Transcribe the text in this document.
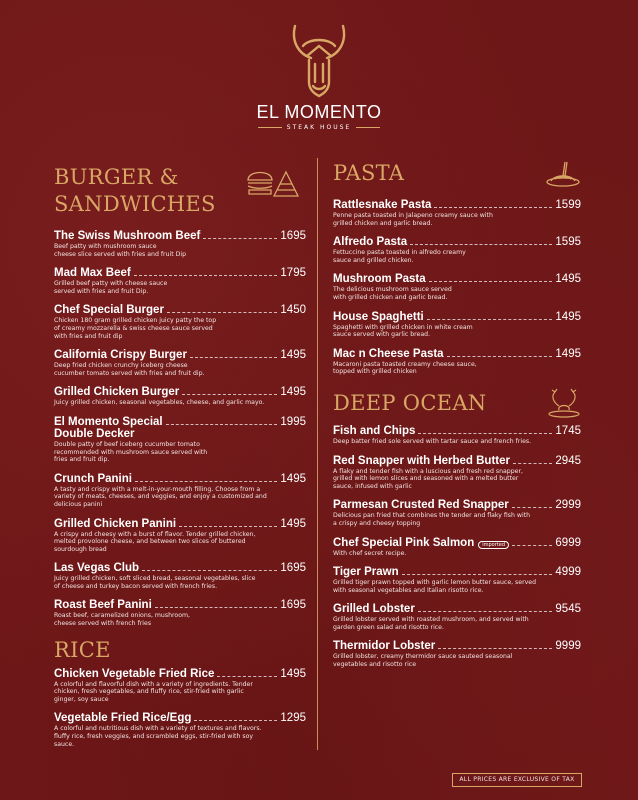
EL MOMENTO
STEAK HOUSE
BURGER &
SANDWICHES
The Swiss Mushroom Beef	1695
Beef patty with mushroom sauce
cheese slice served with fries and fruit Dip
Mad Max Beef	1795
Grilled beef patty with cheese sauce
served with fries and fruit Dip.
Chef Special Burger	1450
Chicken 180 gram grilled chicken juicy patty the top
of creamy mozzarella & swiss cheese sauce served
with fries and fruit dip
California Crispy Burger	1495
Deep fried chicken crunchy iceberg cheese
cucumber tomato served with fries and fruit dip.
Grilled Chicken Burger	1495
Juicy grilled chicken, seasonal vegetables, cheese, and garlic mayo.
El Momento Special	1995
Double Decker
Double patty of beef iceberg cucumber tomato
recommended with mushroom sauce served with
fries and fruit dip.
Crunch Panini	1495
A tasty and crispy with a melt-in-your-mouth filling. Choose from a
variety of meats, cheeses, and veggies, and enjoy a customized and
delicious panini
Grilled Chicken Panini	1495
A crispy and cheesy with a burst of flavor. Tender grilled chicken,
melted provolone cheese, and between two slices of buttered
sourdough bread
Las Vegas Club	1695
Juicy grilled chicken, soft sliced bread, seasonal vegetables, slice
of cheese and turkey bacon served with french fries.
Roast Beef Panini	1695
Roast beef, caramelized onions, mushroom,
cheese served with french fries
RICE
Chicken Vegetable Fried Rice	1495
A colorful and flavorful dish with a variety of ingredients. Tender
chicken, fresh vegetables, and fluffy rice, stir-fried with garlic
ginger, soy sauce
Vegetable Fried Rice/Egg	1295
A colorful and nutritious dish with a variety of textures and flavors.
fluffy rice, fresh veggies, and scrambled eggs, stir-fried with soy
sauce.
PASTA
Rattlesnake Pasta	1599
Penne pasta toasted in Jalapeno creamy sauce with
grilled chicken and garlic bread.
Alfredo Pasta	1595
Fettuccine pasta toasted in alfredo creamy
sauce and grilled chicken.
Mushroom Pasta	1495
The delicious mushroom sauce served
with grilled chicken and garlic bread.
House Spaghetti	1495
Spaghetti with grilled chicken in white cream
sauce served with garlic bread.
Mac n Cheese Pasta	1495
Macaroni pasta toasted creamy cheese sauce,
topped with grilled chicken
DEEP OCEAN
Fish and Chips	1745
Deep batter fried sole served with tartar sauce and french fries.
Red Snapper with Herbed Butter	2945
A flaky and tender fish with a luscious and fresh red snapper,
grilled with lemon slices and seasoned with a melted butter
sauce, infused with garlic
Parmesan Crusted Red Snapper	2999
Delicious pan fried that combines the tender and flaky fish with
a crispy and cheesy topping
Chef Special Pink Salmon	imported	6999
With chef secret recipe.
Tiger Prawn	4999
Grilled tiger prawn topped with garlic lemon butter sauce, served
with seasonal vegetables and Italian risotto rice.
Grilled Lobster	9545
Grilled lobster served with roasted mushroom, and served with
garden green salad and risotto rice.
Thermidor Lobster	9999
Grilled lobster, creamy thermidor sauce sauteed seasonal
vegetables and risotto rice
ALL PRICES ARE EXCLUSIVE OF TAX
